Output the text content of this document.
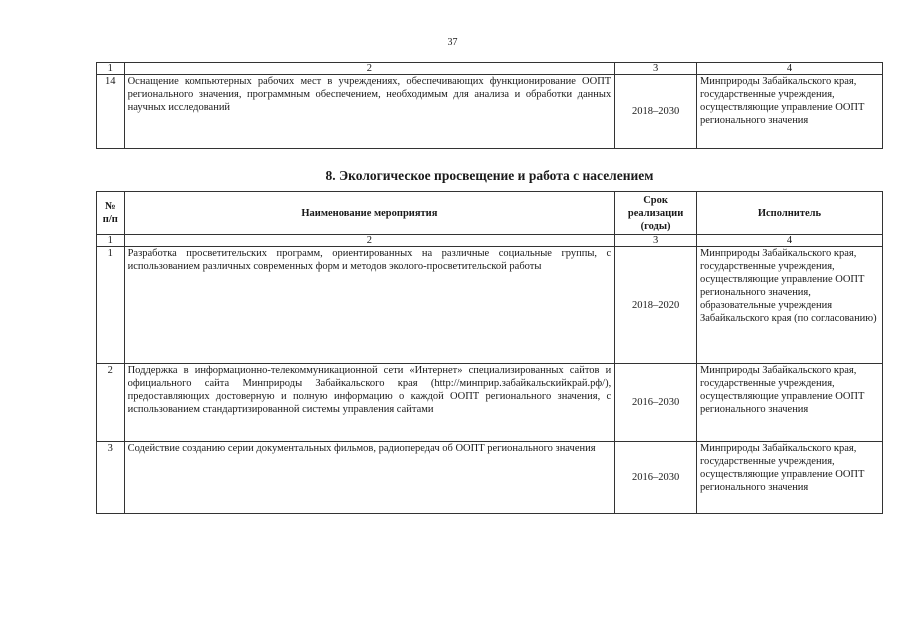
37
1	2	3	4
14	Оснащение компьютерных рабочих мест в учреждениях, обеспечивающих функционирование ООПТ регионального значения, программным обеспечением, необходимым для анализа и обработки данных научных исследований	2018–2030	Минприроды Забайкальского края, государственные учреждения, осуществляющие управление ООПТ регионального значения
8. Экологическое просвещение и работа с населением
№ п/п	Наименование мероприятия	Срок реализации (годы)	Исполнитель
1	2	3	4
1	Разработка просветительских программ, ориентированных на различные социальные группы, с использованием различных современных форм и методов эколого-просветительской работы	2018–2020	Минприроды Забайкальского края, государственные учреждения, осуществляющие управление ООПТ регионального значения, образовательные учреждения Забайкальского края (по согласованию)
2	Поддержка в информационно-телекоммуникационной сети «Интернет» специализированных сайтов и официального сайта Минприроды Забайкальского края (http://минприр.забайкальскийкрай.рф/), предоставляющих достоверную и полную информацию о каждой ООПТ регионального значения, с использованием стандартизированной системы управления сайтами	2016–2030	Минприроды Забайкальского края, государственные учреждения, осуществляющие управление ООПТ регионального значения
3	Содействие созданию серии документальных фильмов, радиопередач об ООПТ регионального значения	2016–2030	Минприроды Забайкальского края, государственные учреждения, осуществляющие управление ООПТ регионального значения
